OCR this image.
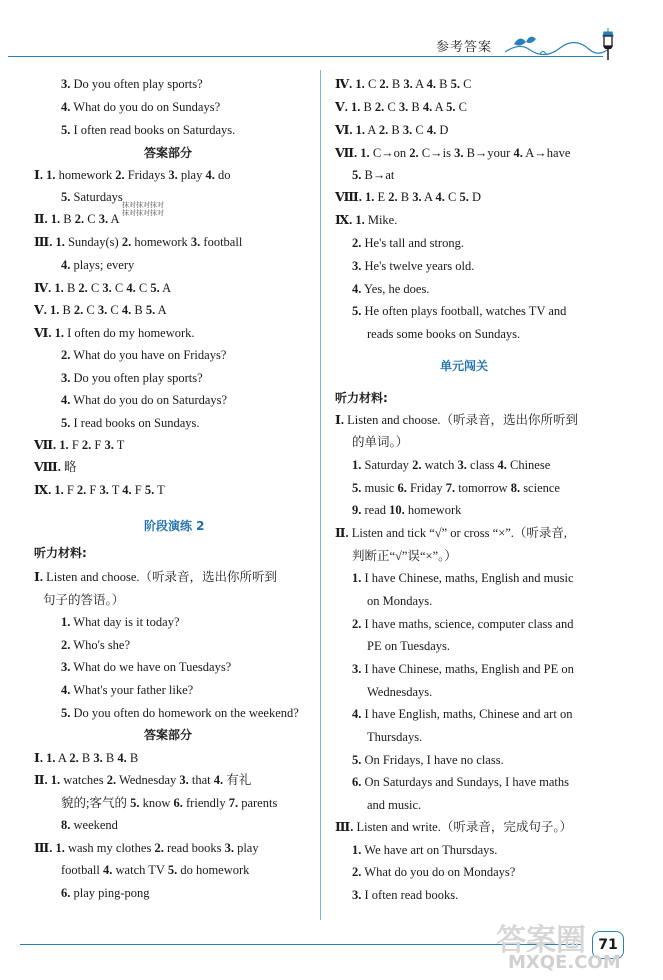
参考答案
3. Do you often play sports?
4. What do you do on Sundays?
5. I often read books on Saturdays.
答案部分
Ⅰ. 1. homework 2. Fridays 3. play 4. do
5. Saturdays
Ⅱ. 1. B 2. C 3. A
Ⅲ. 1. Sunday(s) 2. homework 3. football
4. plays; every
Ⅳ. 1. B 2. C 3. C 4. C 5. A
Ⅴ. 1. B 2. C 3. C 4. B 5. A
Ⅵ. 1. I often do my homework.
2. What do you have on Fridays?
3. Do you often play sports?
4. What do you do on Saturdays?
5. I read books on Sundays.
Ⅶ. 1. F 2. F 3. T
Ⅷ. 略
Ⅸ. 1. F 2. F 3. T 4. F 5. T
阶段演练 2
听力材料:
Ⅰ. Listen and choose.（听录音，选出你所听到
句子的答语。）
1. What day is it today?
2. Who's she?
3. What do we have on Tuesdays?
4. What's your father like?
5. Do you often do homework on the weekend?
答案部分
Ⅰ. 1. A 2. B 3. B 4. B
Ⅱ. 1. watches 2. Wednesday 3. that 4. 有礼
貌的;客气的 5. know 6. friendly 7. parents
8. weekend
Ⅲ. 1. wash my clothes 2. read books 3. play
football 4. watch TV 5. do homework
6. play ping-pong
Ⅳ. 1. C 2. B 3. A 4. B 5. C
Ⅴ. 1. B 2. C 3. B 4. A 5. C
Ⅵ. 1. A 2. B 3. C 4. D
Ⅶ. 1. C→on 2. C→is 3. B→your 4. A→have
5. B→at
Ⅷ. 1. E 2. B 3. A 4. C 5. D
Ⅸ. 1. Mike.
2. He's tall and strong.
3. He's twelve years old.
4. Yes, he does.
5. He often plays football, watches TV and
reads some books on Sundays.
单元闯关
听力材料:
Ⅰ. Listen and choose.（听录音，选出你所听到
的单词。）
1. Saturday 2. watch 3. class 4. Chinese
5. music 6. Friday 7. tomorrow 8. science
9. read 10. homework
Ⅱ. Listen and tick “√” or cross “×”.（听录音,
判断正“√”误“×”。）
1. I have Chinese, maths, English and music
on Mondays.
2. I have maths, science, computer class and
PE on Tuesdays.
3. I have Chinese, maths, English and PE on
Wednesdays.
4. I have English, maths, Chinese and art on
Thursdays.
5. On Fridays, I have no class.
6. On Saturdays and Sundays, I have maths
and music.
Ⅲ. Listen and write.（听录音，完成句子。）
1. We have art on Thursdays.
2. What do you do on Mondays?
3. I often read books.
抹对抹对抹对
抹对抹对抹对
71
答案圈
MXQE.COM
